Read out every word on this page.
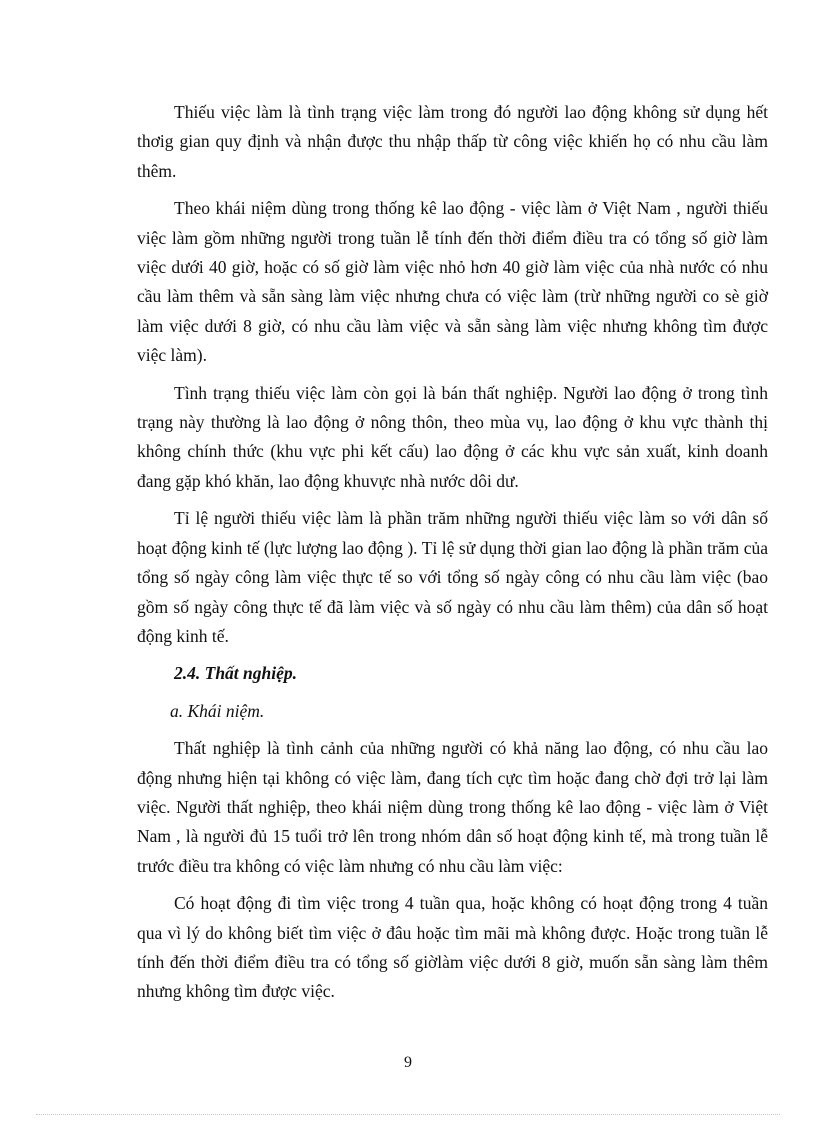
Thiếu việc làm là tình trạng việc làm trong đó người lao động không sử dụng hết thơig gian quy định và nhận được thu nhập thấp từ công việc khiến họ có nhu cầu làm thêm.

Theo khái niệm dùng trong thống kê lao động - việc làm ở Việt Nam , người thiếu việc làm gồm những người trong tuần lễ tính đến thời điểm điều tra có tổng số giờ làm việc dưới 40 giờ, hoặc có số giờ làm việc nhỏ hơn 40 giờ làm việc của nhà nước có nhu cầu làm thêm và sẵn sàng làm việc nhưng chưa có việc làm (trừ những người co sè giờ làm việc dưới 8 giờ, có nhu cầu làm việc và sẵn sàng làm việc nhưng không tìm được việc làm).

Tình trạng thiếu việc làm còn gọi là bán thất nghiệp. Người lao động ở trong tình trạng này thường là lao động ở nông thôn, theo mùa vụ, lao động ở khu vực thành thị không chính thức (khu vực phi kết cấu) lao động ở các khu vực sản xuất, kinh doanh đang gặp khó khăn, lao động khuvực nhà nước dôi dư.

Tỉ lệ người thiếu việc làm là phần trăm những người thiếu việc làm so với dân số hoạt động kinh tế (lực lượng lao động ). Tỉ lệ sử dụng thời gian lao động là phần trăm của tổng số ngày công làm việc thực tế so với tổng số ngày công có nhu cầu làm việc (bao gồm số ngày công thực tế đã làm việc và số ngày có nhu cầu làm thêm) của dân số hoạt động kinh tế.

2.4. Thất nghiệp.

a. Khái niệm.

Thất nghiệp là tình cảnh của những người có khả năng lao động, có nhu cầu lao động nhưng hiện tại không có việc làm, đang tích cực tìm hoặc đang chờ đợi trở lại làm việc. Người thất nghiệp, theo khái niệm dùng trong thống kê lao động - việc làm ở Việt Nam , là người đủ 15 tuổi trở lên trong nhóm dân số hoạt động kinh tế, mà trong tuần lễ trước điều tra không có việc làm nhưng có nhu cầu làm việc:

Có hoạt động đi tìm việc trong 4 tuần qua, hoặc không có hoạt động trong 4 tuần qua vì lý do không biết tìm việc ở đâu hoặc tìm mãi mà không được. Hoặc trong tuần lễ tính đến thời điểm điều tra có tổng số giờlàm việc dưới 8 giờ, muốn sẵn sàng làm thêm nhưng không tìm được việc.

9
